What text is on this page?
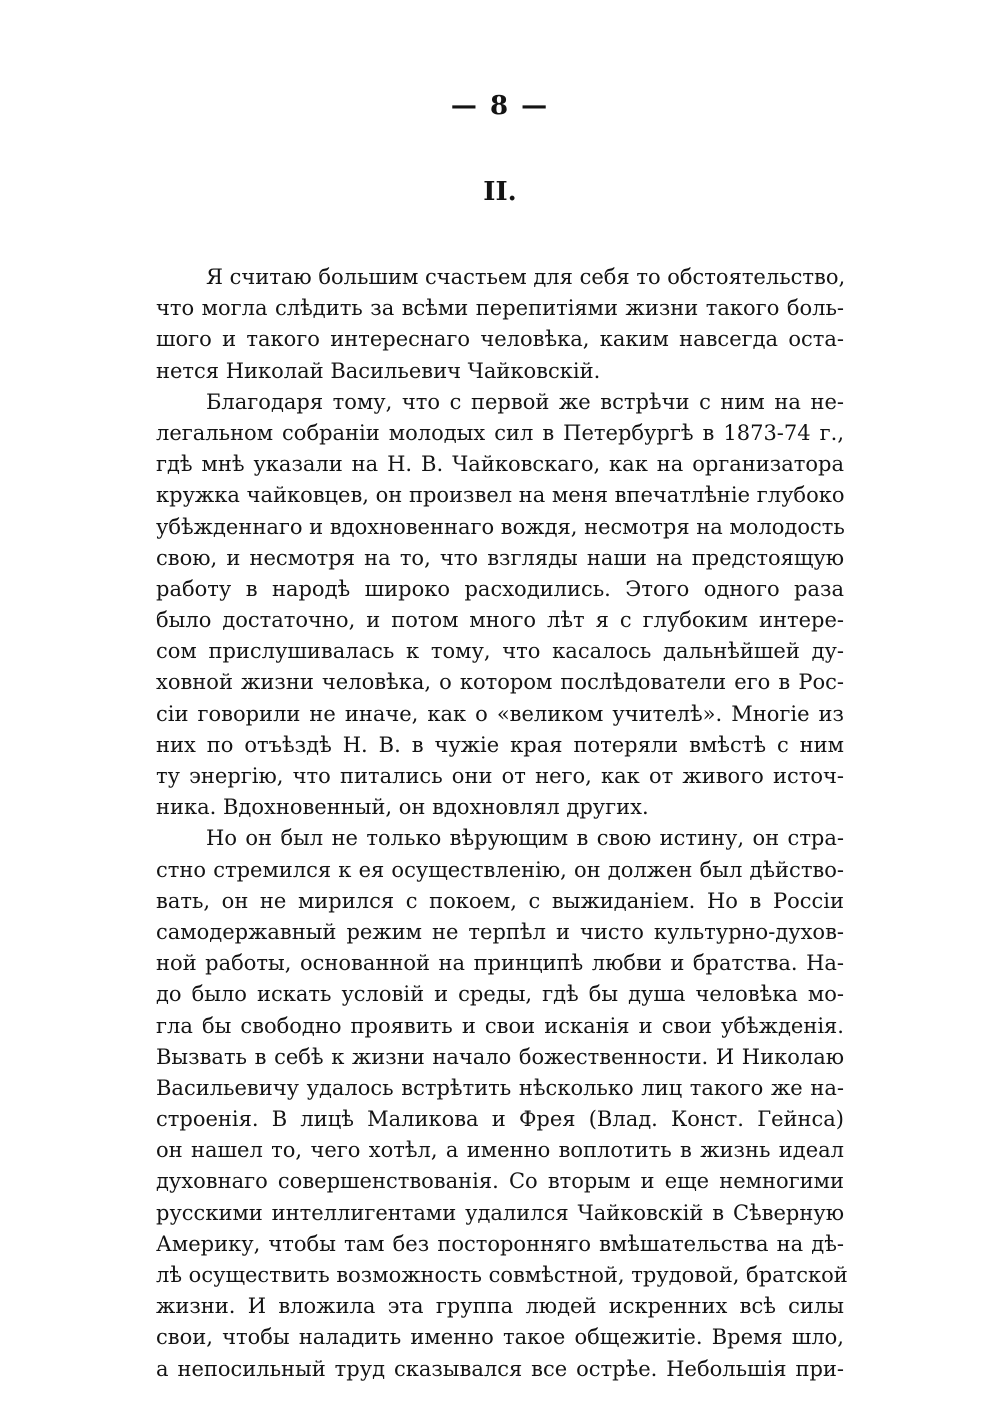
— 8 —
II.
Я считаю большим счастьем для себя то обстоятельство,
что могла слѣдить за всѣми перепитіями жизни такого боль-
шого и такого интереснаго человѣка, каким навсегда оста-
нется Николай Васильевич Чайковскій.
Благодаря тому, что с первой же встрѣчи с ним на не-
легальном собраніи молодых сил в Петербургѣ в 1873-74 г.,
гдѣ мнѣ указали на Н. В. Чайковскаго, как на организатора
кружка чайковцев, он произвел на меня впечатлѣніе глубоко
убѣжденнаго и вдохновеннаго вождя, несмотря на молодость
свою, и несмотря на то, что взгляды наши на предстоящую
работу в народѣ широко расходились. Этого одного раза
было достаточно, и потом много лѣт я с глубоким интере-
сом прислушивалась к тому, что касалось дальнѣйшей ду-
ховной жизни человѣка, о котором послѣдователи его в Рос-
сіи говорили не иначе, как о «великом учителѣ». Многіе из
них по отъѣздѣ Н. В. в чужіе края потеряли вмѣстѣ с ним
ту энергію, что питались они от него, как от живого источ-
ника. Вдохновенный, он вдохновлял других.
Но он был не только вѣрующим в свою истину, он стра-
стно стремился к ея осуществленію, он должен был дѣйство-
вать, он не мирился с покоем, с выжиданіем. Но в Россіи
самодержавный режим не терпѣл и чисто культурно-духов-
ной работы, основанной на принципѣ любви и братства. На-
до было искать условій и среды, гдѣ бы душа человѣка мо-
гла бы свободно проявить и свои исканія и свои убѣжденія.
Вызвать в себѣ к жизни начало божественности. И Николаю
Васильевичу удалось встрѣтить нѣсколько лиц такого же на-
строенія. В лицѣ Маликова и Фрея (Влад. Конст. Гейнса)
он нашел то, чего хотѣл, а именно воплотить в жизнь идеал
духовнаго совершенствованія. Со вторым и еще немногими
русскими интеллигентами удалился Чайковскій в Сѣверную
Америку, чтобы там без посторонняго вмѣшательства на дѣ-
лѣ осуществить возможность совмѣстной, трудовой, братской
жизни. И вложила эта группа людей искренних всѣ силы
свои, чтобы наладить именно такое общежитіе. Время шло,
а непосильный труд сказывался все острѣе. Небольшія при-
